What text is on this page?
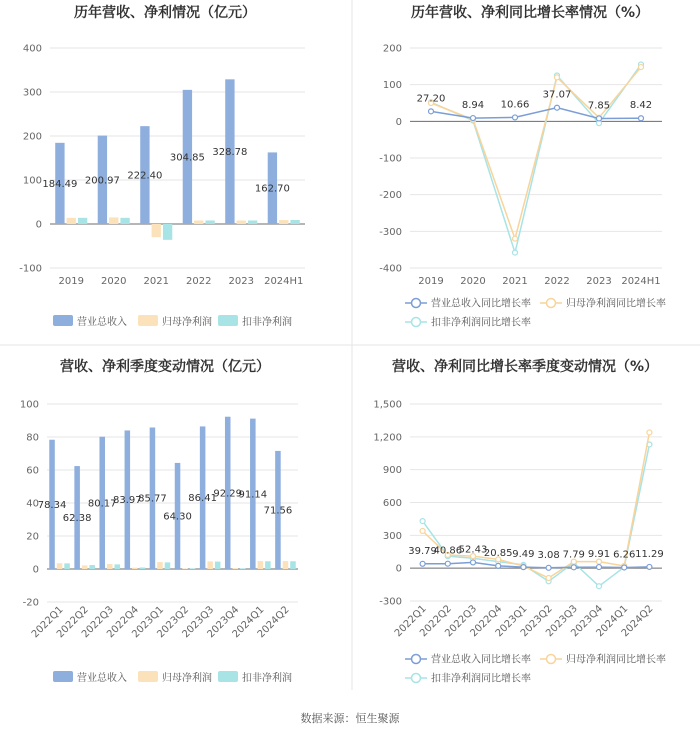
数据来源：恒生聚源
历年营收、净利情况（亿元）
-100
0
100
200
300
400
184.49 200.97 222.40
304.85 328.78
162.70
2019 2020 2021 2022 2023 2024H1
营业总收入	归母净利润	扣非净利润
历年营收、净利同比增长率情况（%）
-400
-300
-200
-100
0
100
200
27.20
8.94 10.66
37.07
7.85 8.42
2019 2020 2021 2022 2023 2024H1
营业总收入同比增长率	归母净利润同比增长率
扣非净利润同比增长率
营收、净利季度变动情况（亿元）
-20
0
20
40
60
80
100
78.34
62.38
80.17
83.97
85.77
64.30
86.41
92.29
91.14
71.56
2022Q1
2022Q2
2022Q3
2022Q4
2023Q1
2023Q2
2023Q3
2023Q4
2024Q1
2024Q2
营业总收入	归母净利润	扣非净利润
营收、净利同比增长率季度变动情况（%）
-300
0
300
600
900
1,200
1,500
39.79
40.86
52.43
20.85 9.49 3.08 7.79 9.91 6.26 11.29
2022Q1
2022Q2
2022Q3
2022Q4
2023Q1
2023Q2
2023Q3
2023Q4
2024Q1
2024Q2
营业总收入同比增长率	归母净利润同比增长率
扣非净利润同比增长率
